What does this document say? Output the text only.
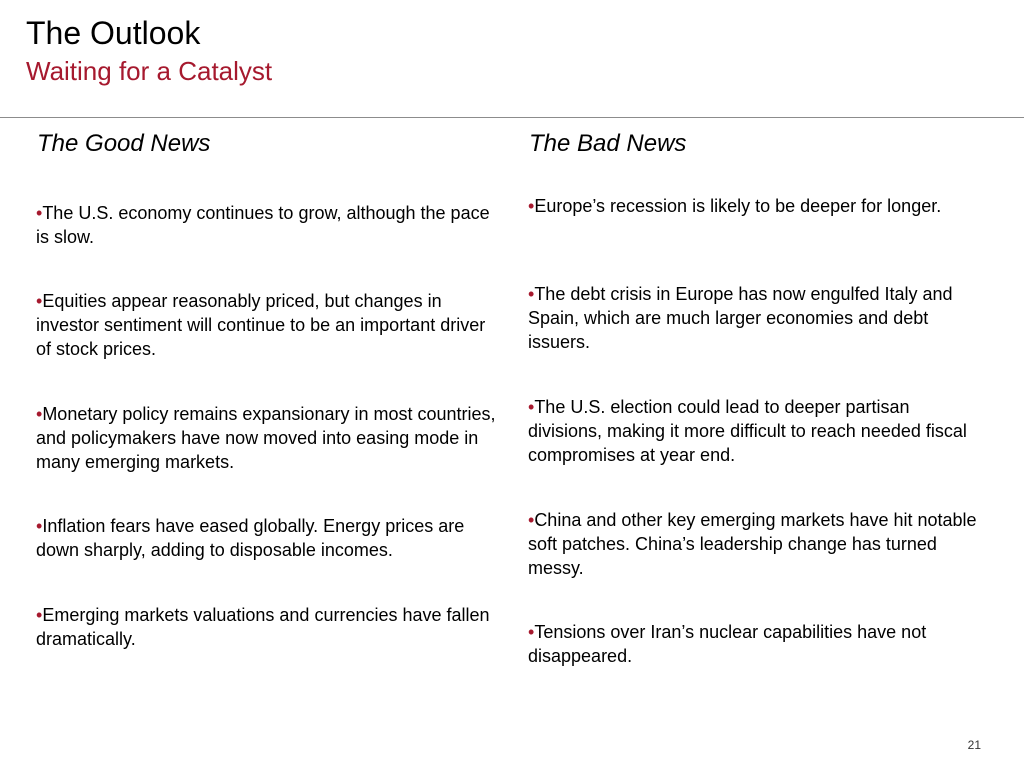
The Outlook
Waiting for a Catalyst
The Good News
•The U.S. economy continues to grow, although the pace is slow.
•Equities appear reasonably priced, but changes in investor sentiment will continue to be an important driver of stock prices.
•Monetary policy remains expansionary in most countries, and policymakers have now moved into easing mode in many emerging markets.
•Inflation fears have eased globally. Energy prices are down sharply, adding to disposable incomes.
•Emerging markets valuations and currencies have fallen dramatically.
The Bad News
•Europe’s recession is likely to be deeper for longer.
•The debt crisis in Europe has now engulfed Italy and Spain, which are much larger economies and debt issuers.
•The U.S. election could lead to deeper partisan divisions, making it more difficult to reach needed fiscal compromises at year end.
•China and other key emerging markets have hit notable soft patches. China’s leadership change has turned messy.
•Tensions over Iran’s nuclear capabilities have not disappeared.
21
